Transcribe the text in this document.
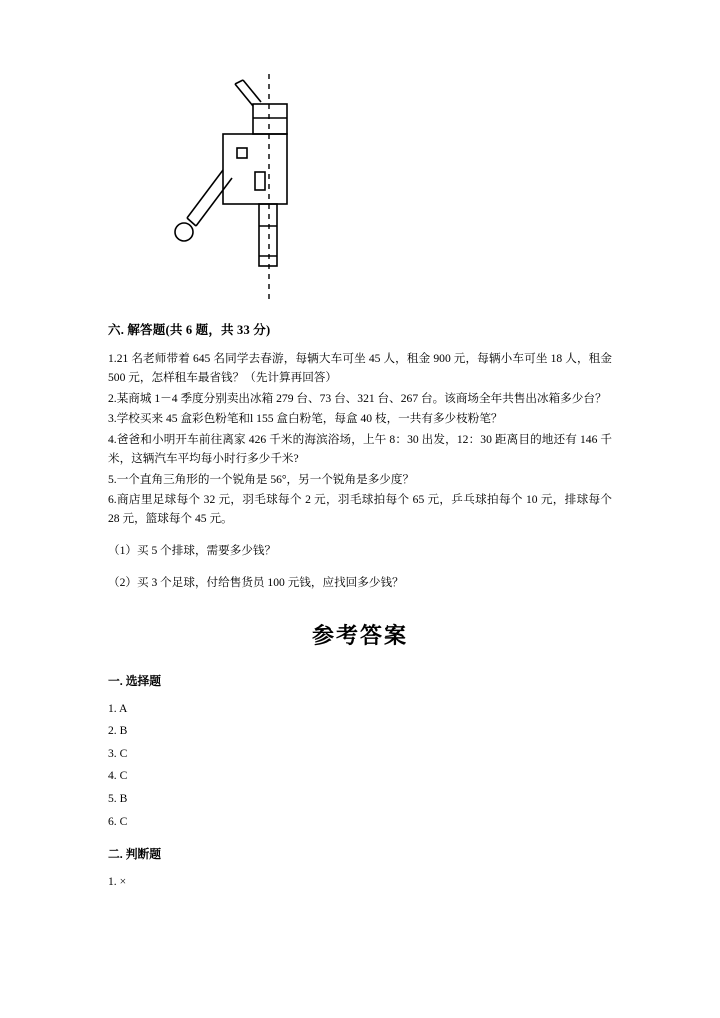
六. 解答题(共 6 题，共 33 分)

1.21 名老师带着 645 名同学去春游，每辆大车可坐 45 人，租金 900 元，每辆小车可坐 18 人，租金 500 元，怎样租车最省钱？（先计算再回答）

2.某商城 1－4 季度分别卖出冰箱 279 台、73 台、321 台、267 台。该商场全年共售出冰箱多少台？

3.学校买来 45 盒彩色粉笔和l 155 盒白粉笔，每盒 40 枝，一共有多少枝粉笔？

4.爸爸和小明开车前往离家 426 千米的海滨浴场，上午 8：30 出发，12：30 距离目的地还有 146 千米，这辆汽车平均每小时行多少千米?

5.一个直角三角形的一个锐角是 56°，另一个锐角是多少度？

6.商店里足球每个 32 元，羽毛球每个 2 元，羽毛球拍每个 65 元，乒乓球拍每个 10 元，排球每个 28 元，篮球每个 45 元。

（1）买 5 个排球，需要多少钱？

（2）买 3 个足球，付给售货员 100 元钱，应找回多少钱？

参考答案

一. 选择题

1. A

2. B

3. C

4. C

5. B

6. C

二. 判断题

1. ×
